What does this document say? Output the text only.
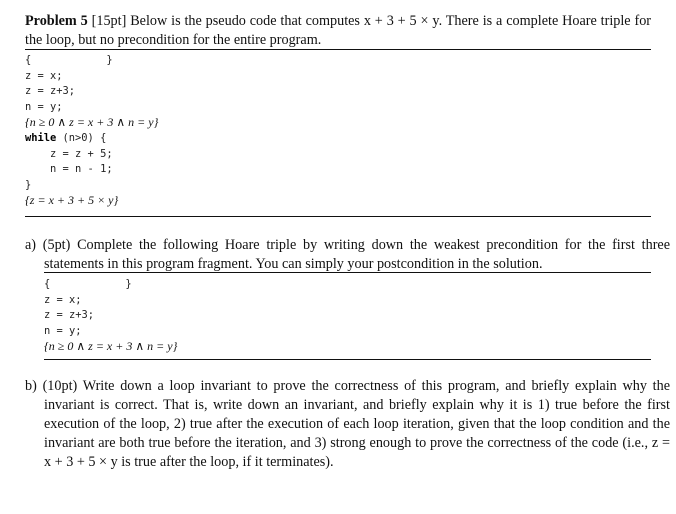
Problem 5 [15pt] Below is the pseudo code that computes x + 3 + 5 × y. There is a complete Hoare triple for the loop, but no precondition for the entire program.
{            }
z = x;
z = z+3;
n = y;
{n ≥ 0 ∧ z = x + 3 ∧ n = y}
while (n>0) {
z = z + 5;
n = n - 1;
}
{z = x + 3 + 5 × y}
a) (5pt) Complete the following Hoare triple by writing down the weakest precondition for the first three statements in this program fragment. You can simply your postcondition in the solution.
{            }
z = x;
z = z+3;
n = y;
{n ≥ 0 ∧ z = x + 3 ∧ n = y}
b) (10pt) Write down a loop invariant to prove the correctness of this program, and briefly explain why the invariant is correct. That is, write down an invariant, and briefly explain why it is 1) true before the first execution of the loop, 2) true after the execution of each loop iteration, given that the loop condition and the invariant are both true before the iteration, and 3) strong enough to prove the correctness of the code (i.e., z = x + 3 + 5 × y is true after the loop, if it terminates).
